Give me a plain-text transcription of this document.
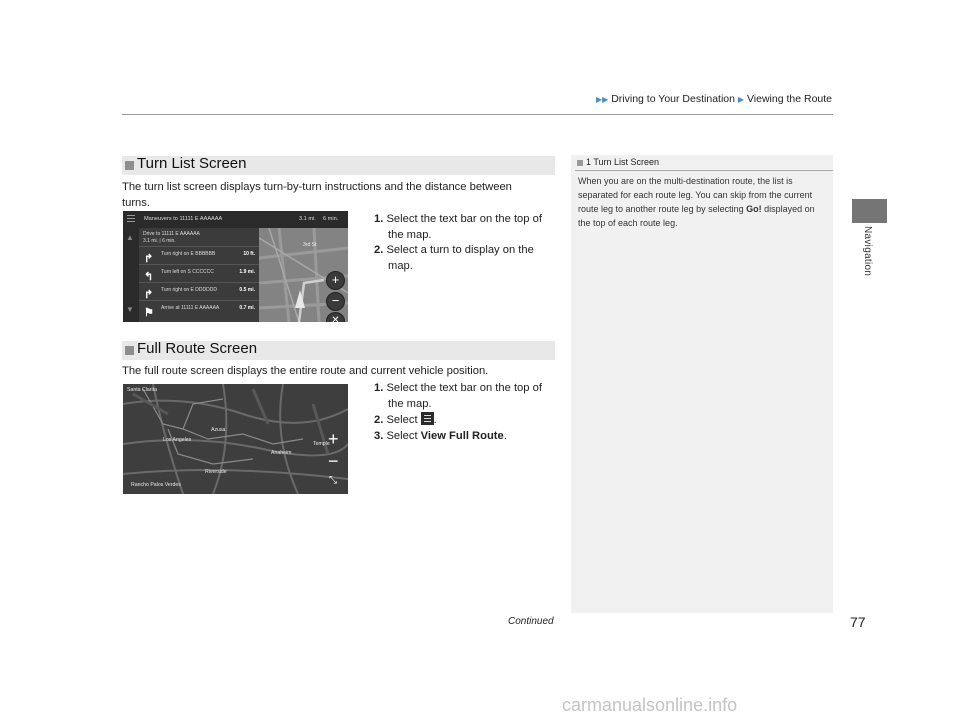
▶▶ Driving to Your Destination ▶ Viewing the Route
Navigation
Turn List Screen
The turn list screen displays turn-by-turn instructions and the distance between turns.
▲
▼
Maneuvers to 11111 E AAAAAA	3.1 mi. 6 min.
Drive to 11111 E AAAAAA
3.1 mi. | 6 min.
↱ Turn right on E BBBBBB	10 ft.
↰ Turn left on S CCCCCC	1.9 mi.
↱ Turn right on E DDDDDD	0.5 mi.
⚑ Arrive at 11111 E AAAAAA	0.7 mi.
3rd St
+
−
✕
1. Select the text bar on the top of
the map.
2. Select a turn to display on the
map.
Full Route Screen
The full route screen displays the entire route and current vehicle position.
Santa Clarita
Azusa
Los Angeles
Temple
Anaheim
Riverside
Rancho Palos Verdes
+
−
⤡
1. Select the text bar on the top of
the map.
2. Select .
3. Select View Full Route.
1 Turn List Screen
When you are on the multi-destination route, the list is separated for each route leg. You can skip from the current route leg to another route leg by selecting Go! displayed on the top of each route leg.
Continued	77
carmanualsonline.info
